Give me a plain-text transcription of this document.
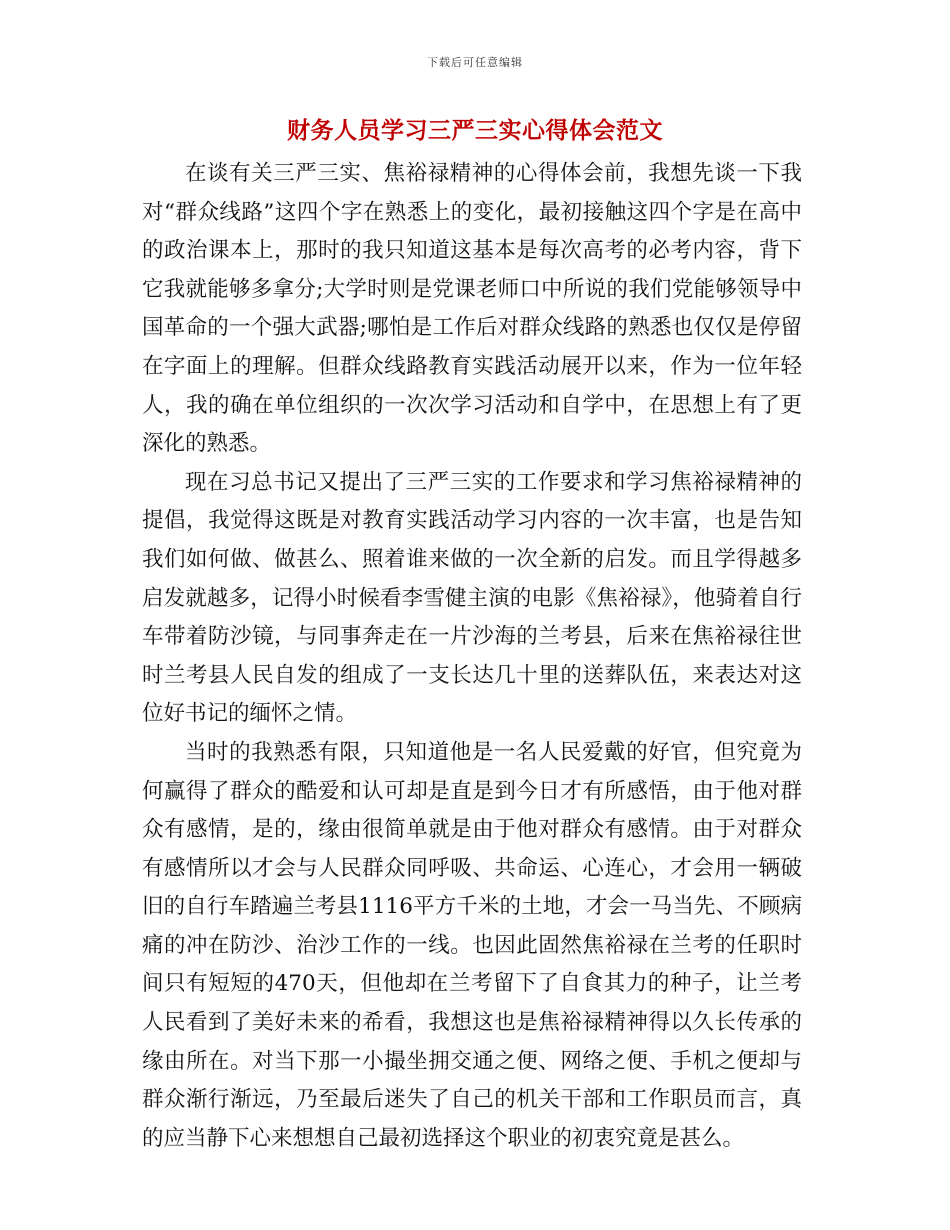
下载后可任意编辑
财务人员学习三严三实心得体会范文

在谈有关三严三实、焦裕禄精神的心得体会前，我想先谈一下我对“群众线路”这四个字在熟悉上的变化，最初接触这四个字是在高中的政治课本上，那时的我只知道这基本是每次高考的必考内容，背下它我就能够多拿分;大学时则是党课老师口中所说的我们党能够领导中国革命的一个强大武器;哪怕是工作后对群众线路的熟悉也仅仅是停留在字面上的理解。但群众线路教育实践活动展开以来，作为一位年轻人，我的确在单位组织的一次次学习活动和自学中，在思想上有了更深化的熟悉。

现在习总书记又提出了三严三实的工作要求和学习焦裕禄精神的提倡，我觉得这既是对教育实践活动学习内容的一次丰富，也是告知我们如何做、做甚么、照着谁来做的一次全新的启发。而且学得越多启发就越多，记得小时候看李雪健主演的电影《焦裕禄》，他骑着自行车带着防沙镜，与同事奔走在一片沙海的兰考县，后来在焦裕禄往世时兰考县人民自发的组成了一支长达几十里的送葬队伍，来表达对这位好书记的缅怀之情。

当时的我熟悉有限，只知道他是一名人民爱戴的好官，但究竟为何赢得了群众的酷爱和认可却是直是到今日才有所感悟，由于他对群众有感情，是的，缘由很简单就是由于他对群众有感情。由于对群众有感情所以才会与人民群众同呼吸、共命运、心连心，才会用一辆破旧的自行车踏遍兰考县1116平方千米的土地，才会一马当先、不顾病痛的冲在防沙、治沙工作的一线。也因此固然焦裕禄在兰考的任职时间只有短短的470天，但他却在兰考留下了自食其力的种子，让兰考人民看到了美好未来的希看，我想这也是焦裕禄精神得以久长传承的缘由所在。对当下那一小撮坐拥交通之便、网络之便、手机之便却与群众渐行渐远，乃至最后迷失了自己的机关干部和工作职员而言，真的应当静下心来想想自己最初选择这个职业的初衷究竟是甚么。
